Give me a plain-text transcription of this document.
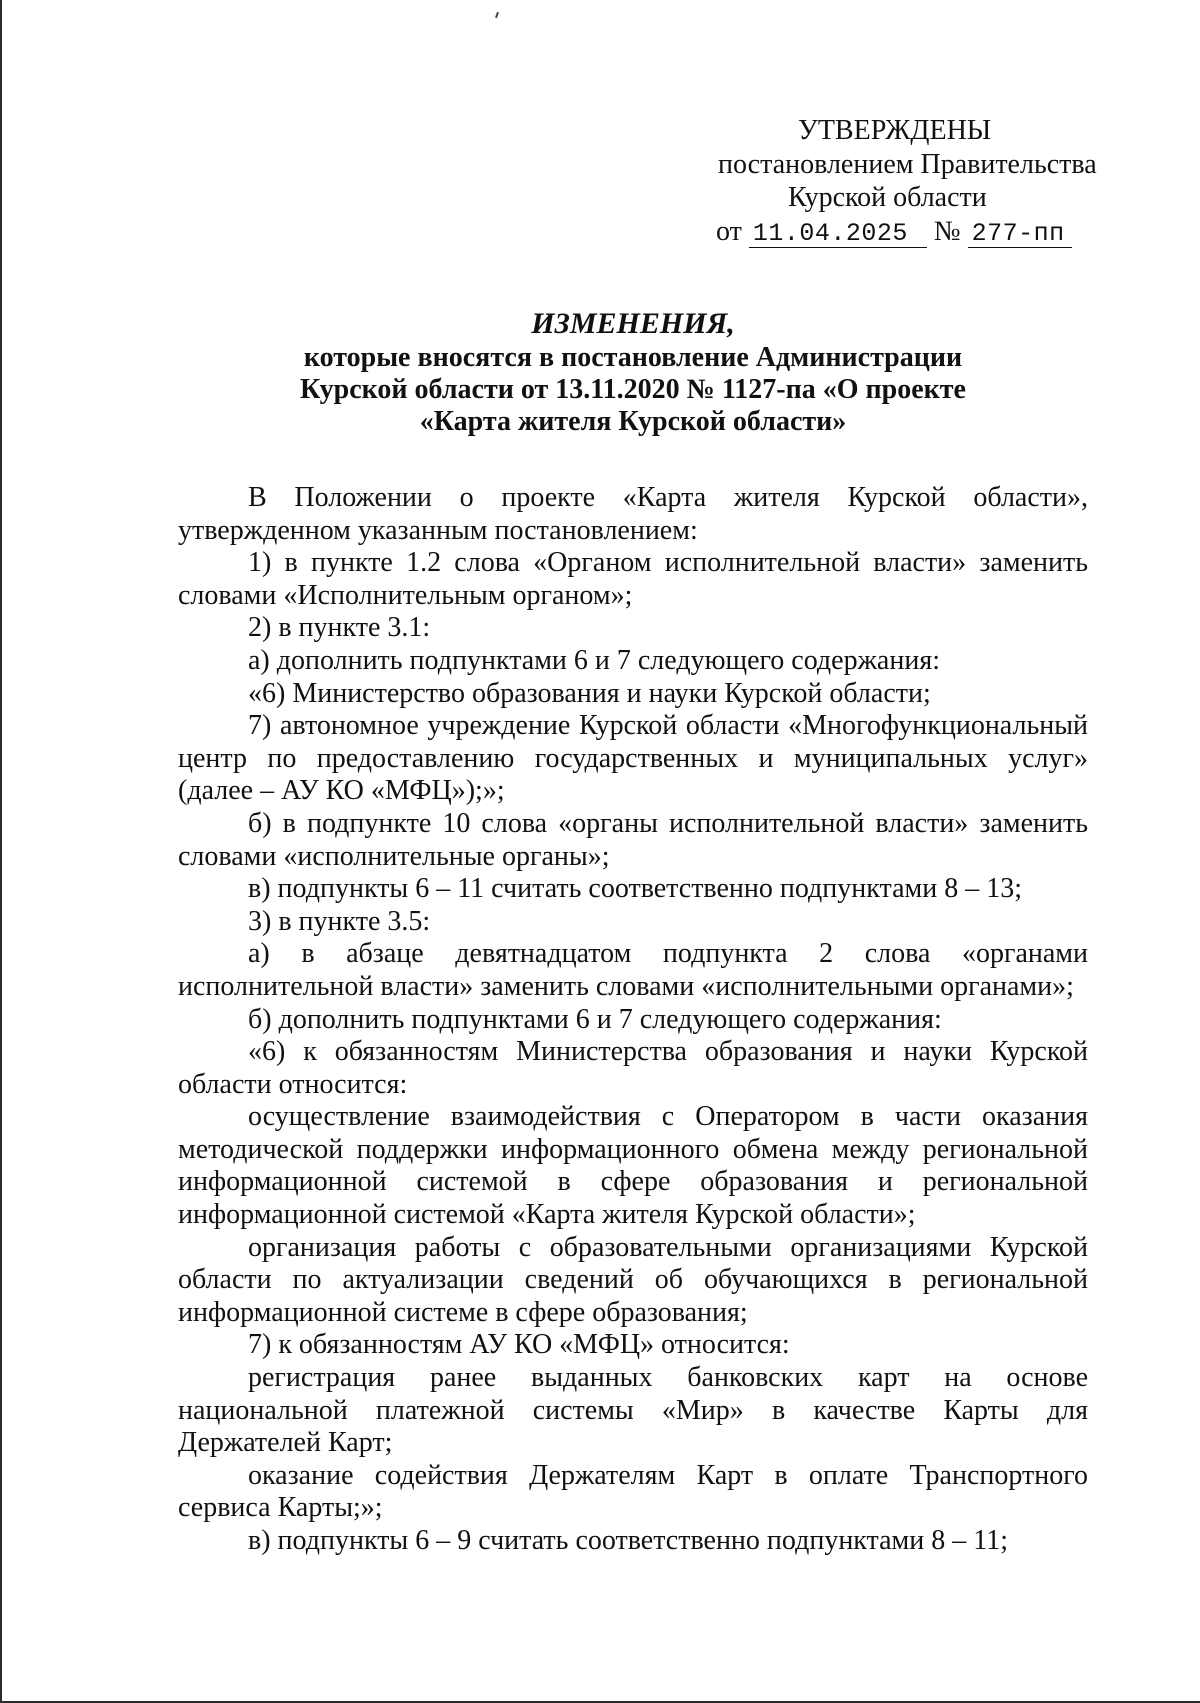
УТВЕРЖДЕНЫ
постановлением Правительства
Курской области
от 11.04.2025 № 277-пп
ИЗМЕНЕНИЯ,
которые вносятся в постановление Администрации
Курской области от 13.11.2020 № 1127-па «О проекте
«Карта жителя Курской области»

В Положении о проекте «Карта жителя Курской области», утвержденном указанным постановлением:

1) в пункте 1.2 слова «Органом исполнительной власти» заменить словами «Исполнительным органом»;

2) в пункте 3.1:

а) дополнить подпунктами 6 и 7 следующего содержания:

«6) Министерство образования и науки Курской области;

7) автономное учреждение Курской области «Многофункциональный центр по предоставлению государственных и муниципальных услуг» (далее – АУ КО «МФЦ»);»;

б) в подпункте 10 слова «органы исполнительной власти» заменить словами «исполнительные органы»;

в) подпункты 6 – 11 считать соответственно подпунктами 8 – 13;

3) в пункте 3.5:

а) в абзаце девятнадцатом подпункта 2 слова «органами исполнительной власти» заменить словами «исполнительными органами»;

б) дополнить подпунктами 6 и 7 следующего содержания:

«6) к обязанностям Министерства образования и науки Курской области относится:

осуществление взаимодействия с Оператором в части оказания методической поддержки информационного обмена между региональной информационной системой в сфере образования и региональной информационной системой «Карта жителя Курской области»;

организация работы с образовательными организациями Курской области по актуализации сведений об обучающихся в региональной информационной системе в сфере образования;

7) к обязанностям АУ КО «МФЦ» относится:

регистрация ранее выданных банковских карт на основе национальной платежной системы «Мир» в качестве Карты для Держателей Карт;

оказание содействия Держателям Карт в оплате Транспортного сервиса Карты;»;

в) подпункты 6 – 9 считать соответственно подпунктами 8 – 11;
